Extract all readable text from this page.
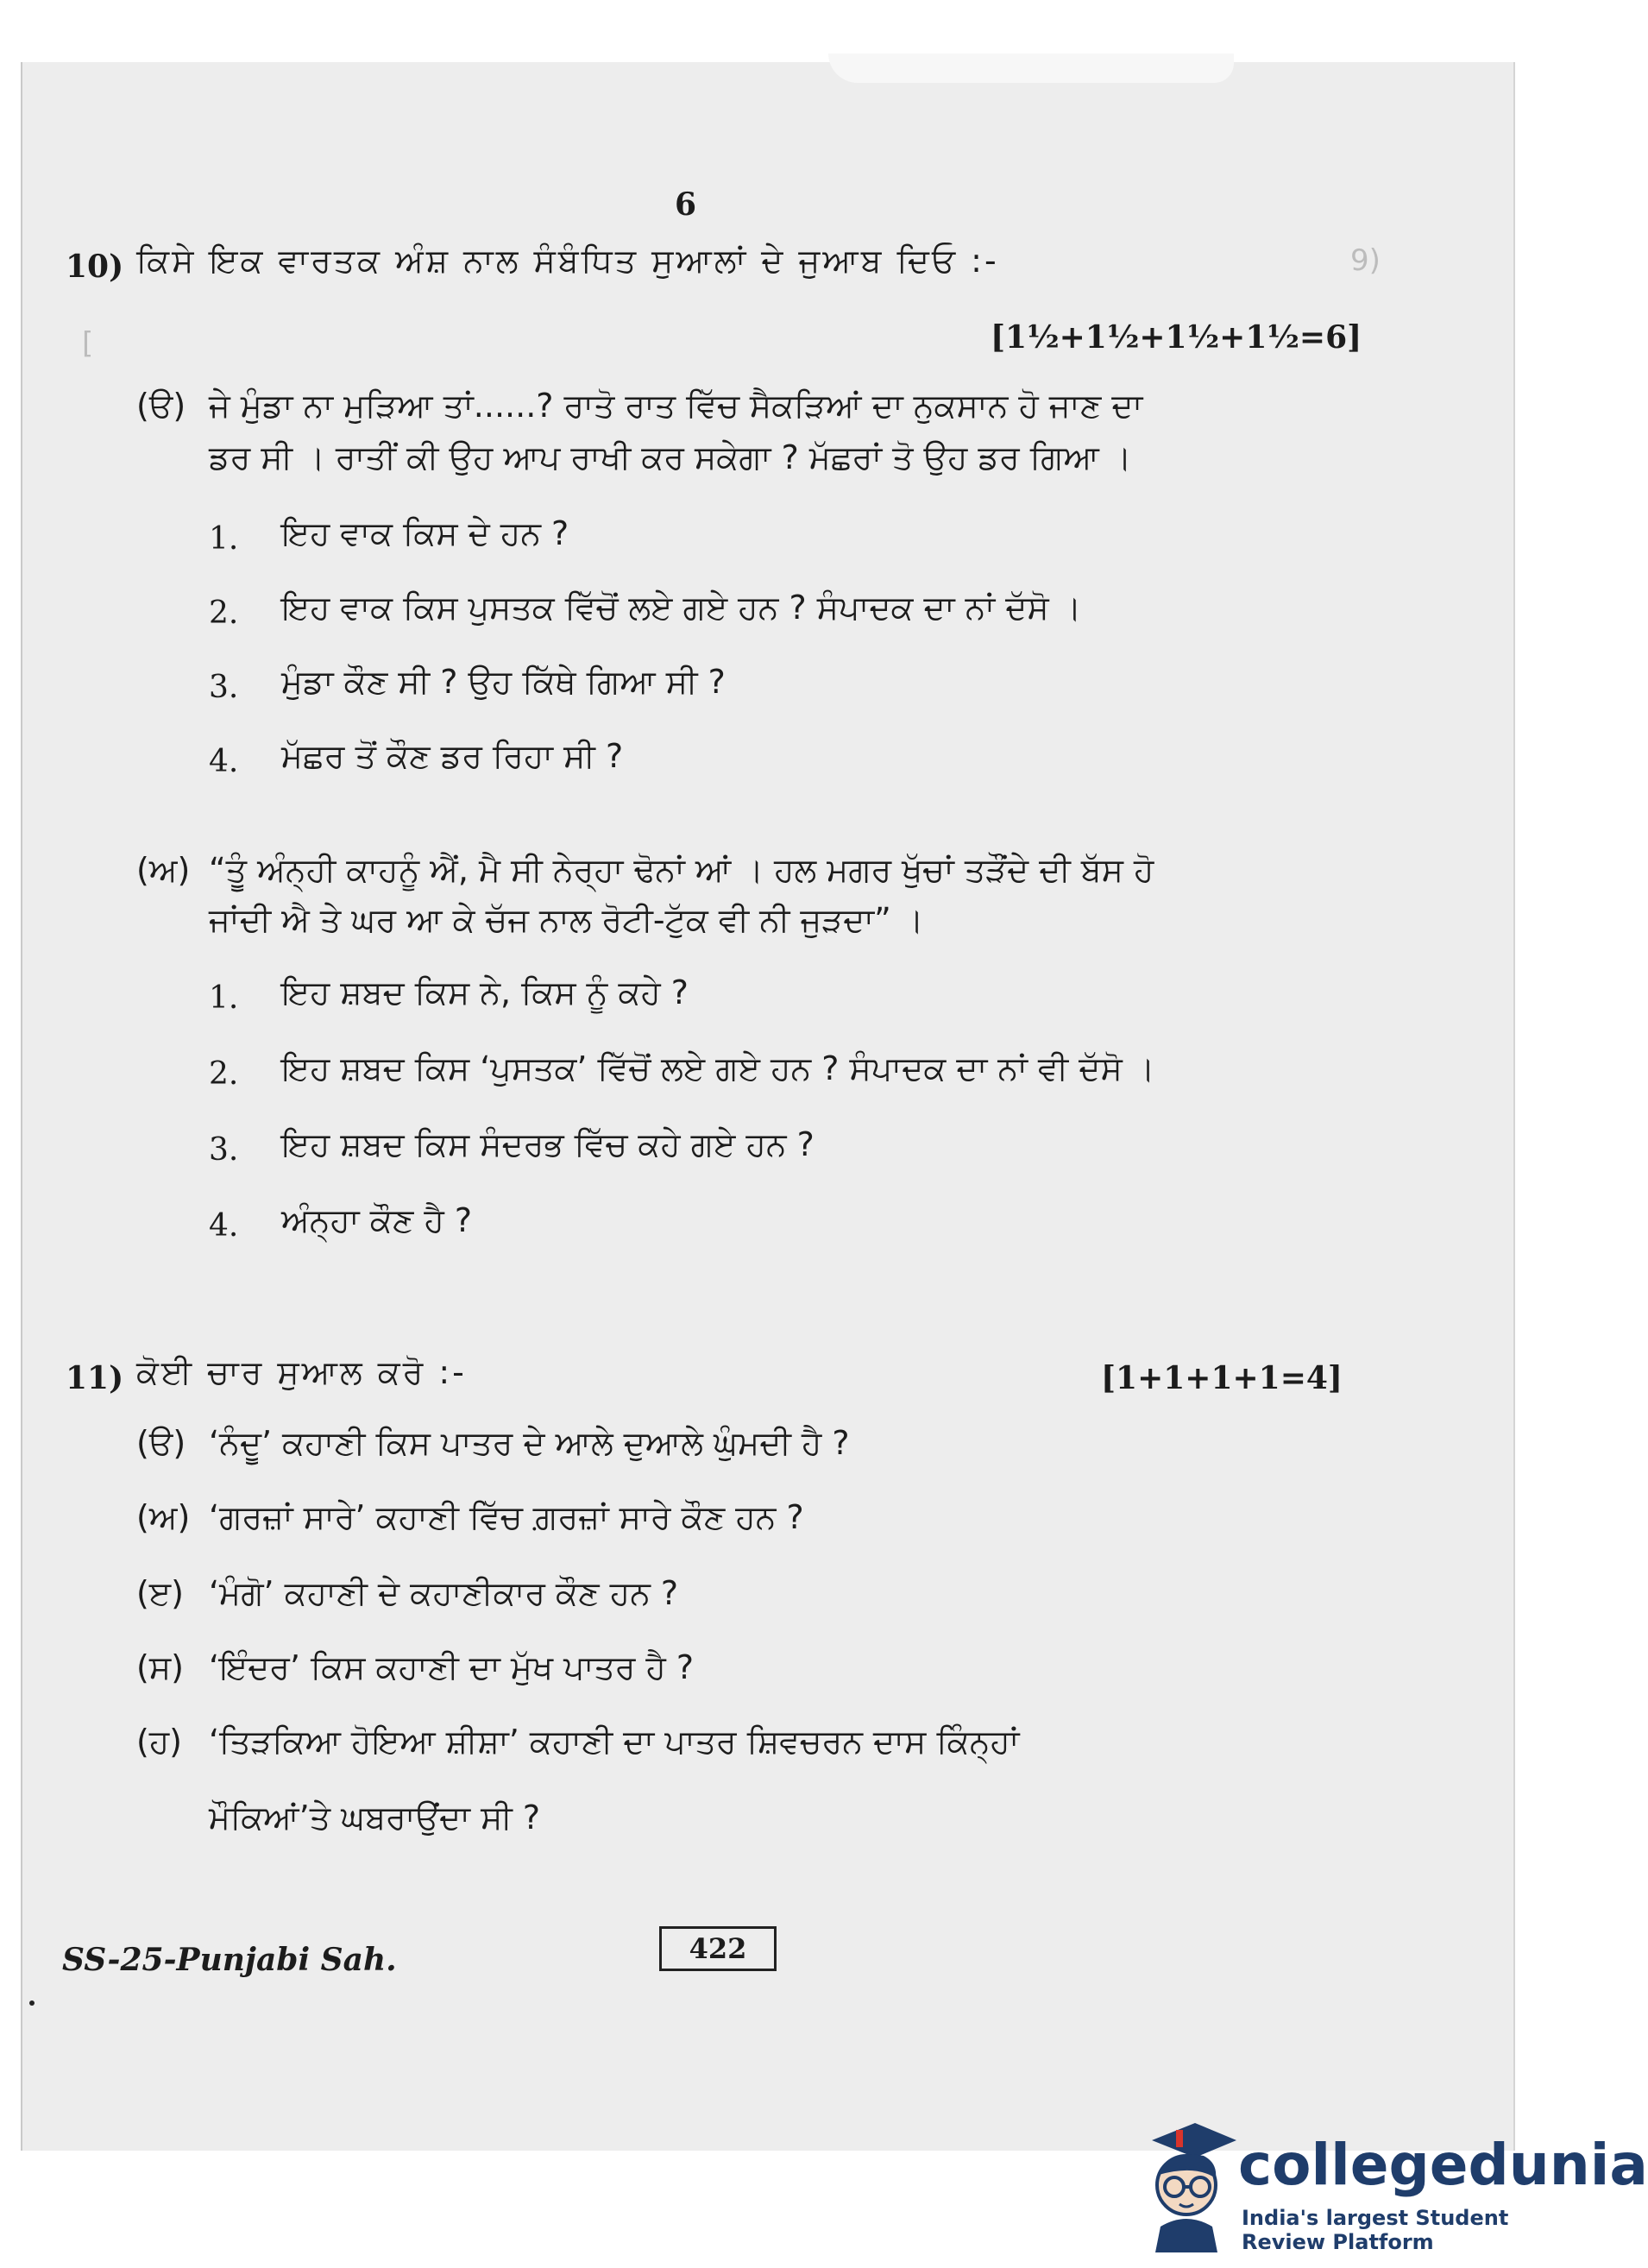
9)
[
6
10) ਕਿਸੇ ਇਕ ਵਾਰਤਕ ਅੰਸ਼ ਨਾਲ ਸੰਬੰਧਿਤ ਸੁਆਲਾਂ ਦੇ ਜੁਆਬ ਦਿਓ :-
[1½+1½+1½+1½=6]
(ੳ) ਜੇ ਮੁੰਡਾ ਨਾ ਮੁੜਿਆ ਤਾਂ......? ਰਾਤੋ ਰਾਤ ਵਿੱਚ ਸੈਕੜਿਆਂ ਦਾ ਨੁਕਸਾਨ ਹੋ ਜਾਣ ਦਾ
ਡਰ ਸੀ । ਰਾਤੀਂ ਕੀ ਉਹ ਆਪ ਰਾਖੀ ਕਰ ਸਕੇਗਾ ? ਮੱਛਰਾਂ ਤੋ ਉਹ ਡਰ ਗਿਆ ।
1. ਇਹ ਵਾਕ ਕਿਸ ਦੇ ਹਨ ?
2. ਇਹ ਵਾਕ ਕਿਸ ਪੁਸਤਕ ਵਿੱਚੋਂ ਲਏ ਗਏ ਹਨ ? ਸੰਪਾਦਕ ਦਾ ਨਾਂ ਦੱਸੋ ।
3. ਮੁੰਡਾ ਕੌਣ ਸੀ ? ਉਹ ਕਿੱਥੇ ਗਿਆ ਸੀ ?
4. ਮੱਛਰ ਤੋਂ ਕੌਣ ਡਰ ਰਿਹਾ ਸੀ ?
(ਅ) “ਤੂੰ ਅੰਨ੍ਹੀ ਕਾਹਨੂੰ ਐਂ, ਮੈ ਸੀ ਨੇਰ੍ਹਾ ਢੋਨਾਂ ਆਂ । ਹਲ ਮਗਰ ਖੁੱਚਾਂ ਤੜੌਂਦੇ ਦੀ ਬੱਸ ਹੋ
ਜਾਂਦੀ ਐ ਤੇ ਘਰ ਆ ਕੇ ਚੱਜ ਨਾਲ ਰੋਟੀ-ਟੁੱਕ ਵੀ ਨੀ ਜੁੜਦਾ” ।
1. ਇਹ ਸ਼ਬਦ ਕਿਸ ਨੇ, ਕਿਸ ਨੂੰ ਕਹੇ ?
2. ਇਹ ਸ਼ਬਦ ਕਿਸ ‘ਪੁਸਤਕ’ ਵਿੱਚੋਂ ਲਏ ਗਏ ਹਨ ? ਸੰਪਾਦਕ ਦਾ ਨਾਂ ਵੀ ਦੱਸੋ ।
3. ਇਹ ਸ਼ਬਦ ਕਿਸ ਸੰਦਰਭ ਵਿੱਚ ਕਹੇ ਗਏ ਹਨ ?
4. ਅੰਨ੍ਹਾ ਕੌਣ ਹੈ ?
11) ਕੋਈ ਚਾਰ ਸੁਆਲ ਕਰੋ :-	[1+1+1+1=4]
(ੳ) ‘ਨੰਦੂ’ ਕਹਾਣੀ ਕਿਸ ਪਾਤਰ ਦੇ ਆਲੇ ਦੁਆਲੇ ਘੁੰਮਦੀ ਹੈ ?
(ਅ) ‘ਗਰਜ਼ਾਂ ਸਾਰੇ’ ਕਹਾਣੀ ਵਿੱਚ ਗ਼ਰਜ਼ਾਂ ਸਾਰੇ ਕੌਣ ਹਨ ?
(ੲ) ‘ਮੰਗੋ’ ਕਹਾਣੀ ਦੇ ਕਹਾਣੀਕਾਰ ਕੌਣ ਹਨ ?
(ਸ) ‘ਇੰਦਰ’ ਕਿਸ ਕਹਾਣੀ ਦਾ ਮੁੱਖ ਪਾਤਰ ਹੈ ?
(ਹ) ‘ਤਿੜਕਿਆ ਹੋਇਆ ਸ਼ੀਸ਼ਾ’ ਕਹਾਣੀ ਦਾ ਪਾਤਰ ਸ਼ਿਵਚਰਨ ਦਾਸ ਕਿੰਨ੍ਹਾਂ
ਮੌਕਿਆਂ’ਤੇ ਘਬਰਾਉਂਦਾ ਸੀ ?
422
SS-25-Punjabi Sah.
collegedunia
India's largest Student Review Platform
